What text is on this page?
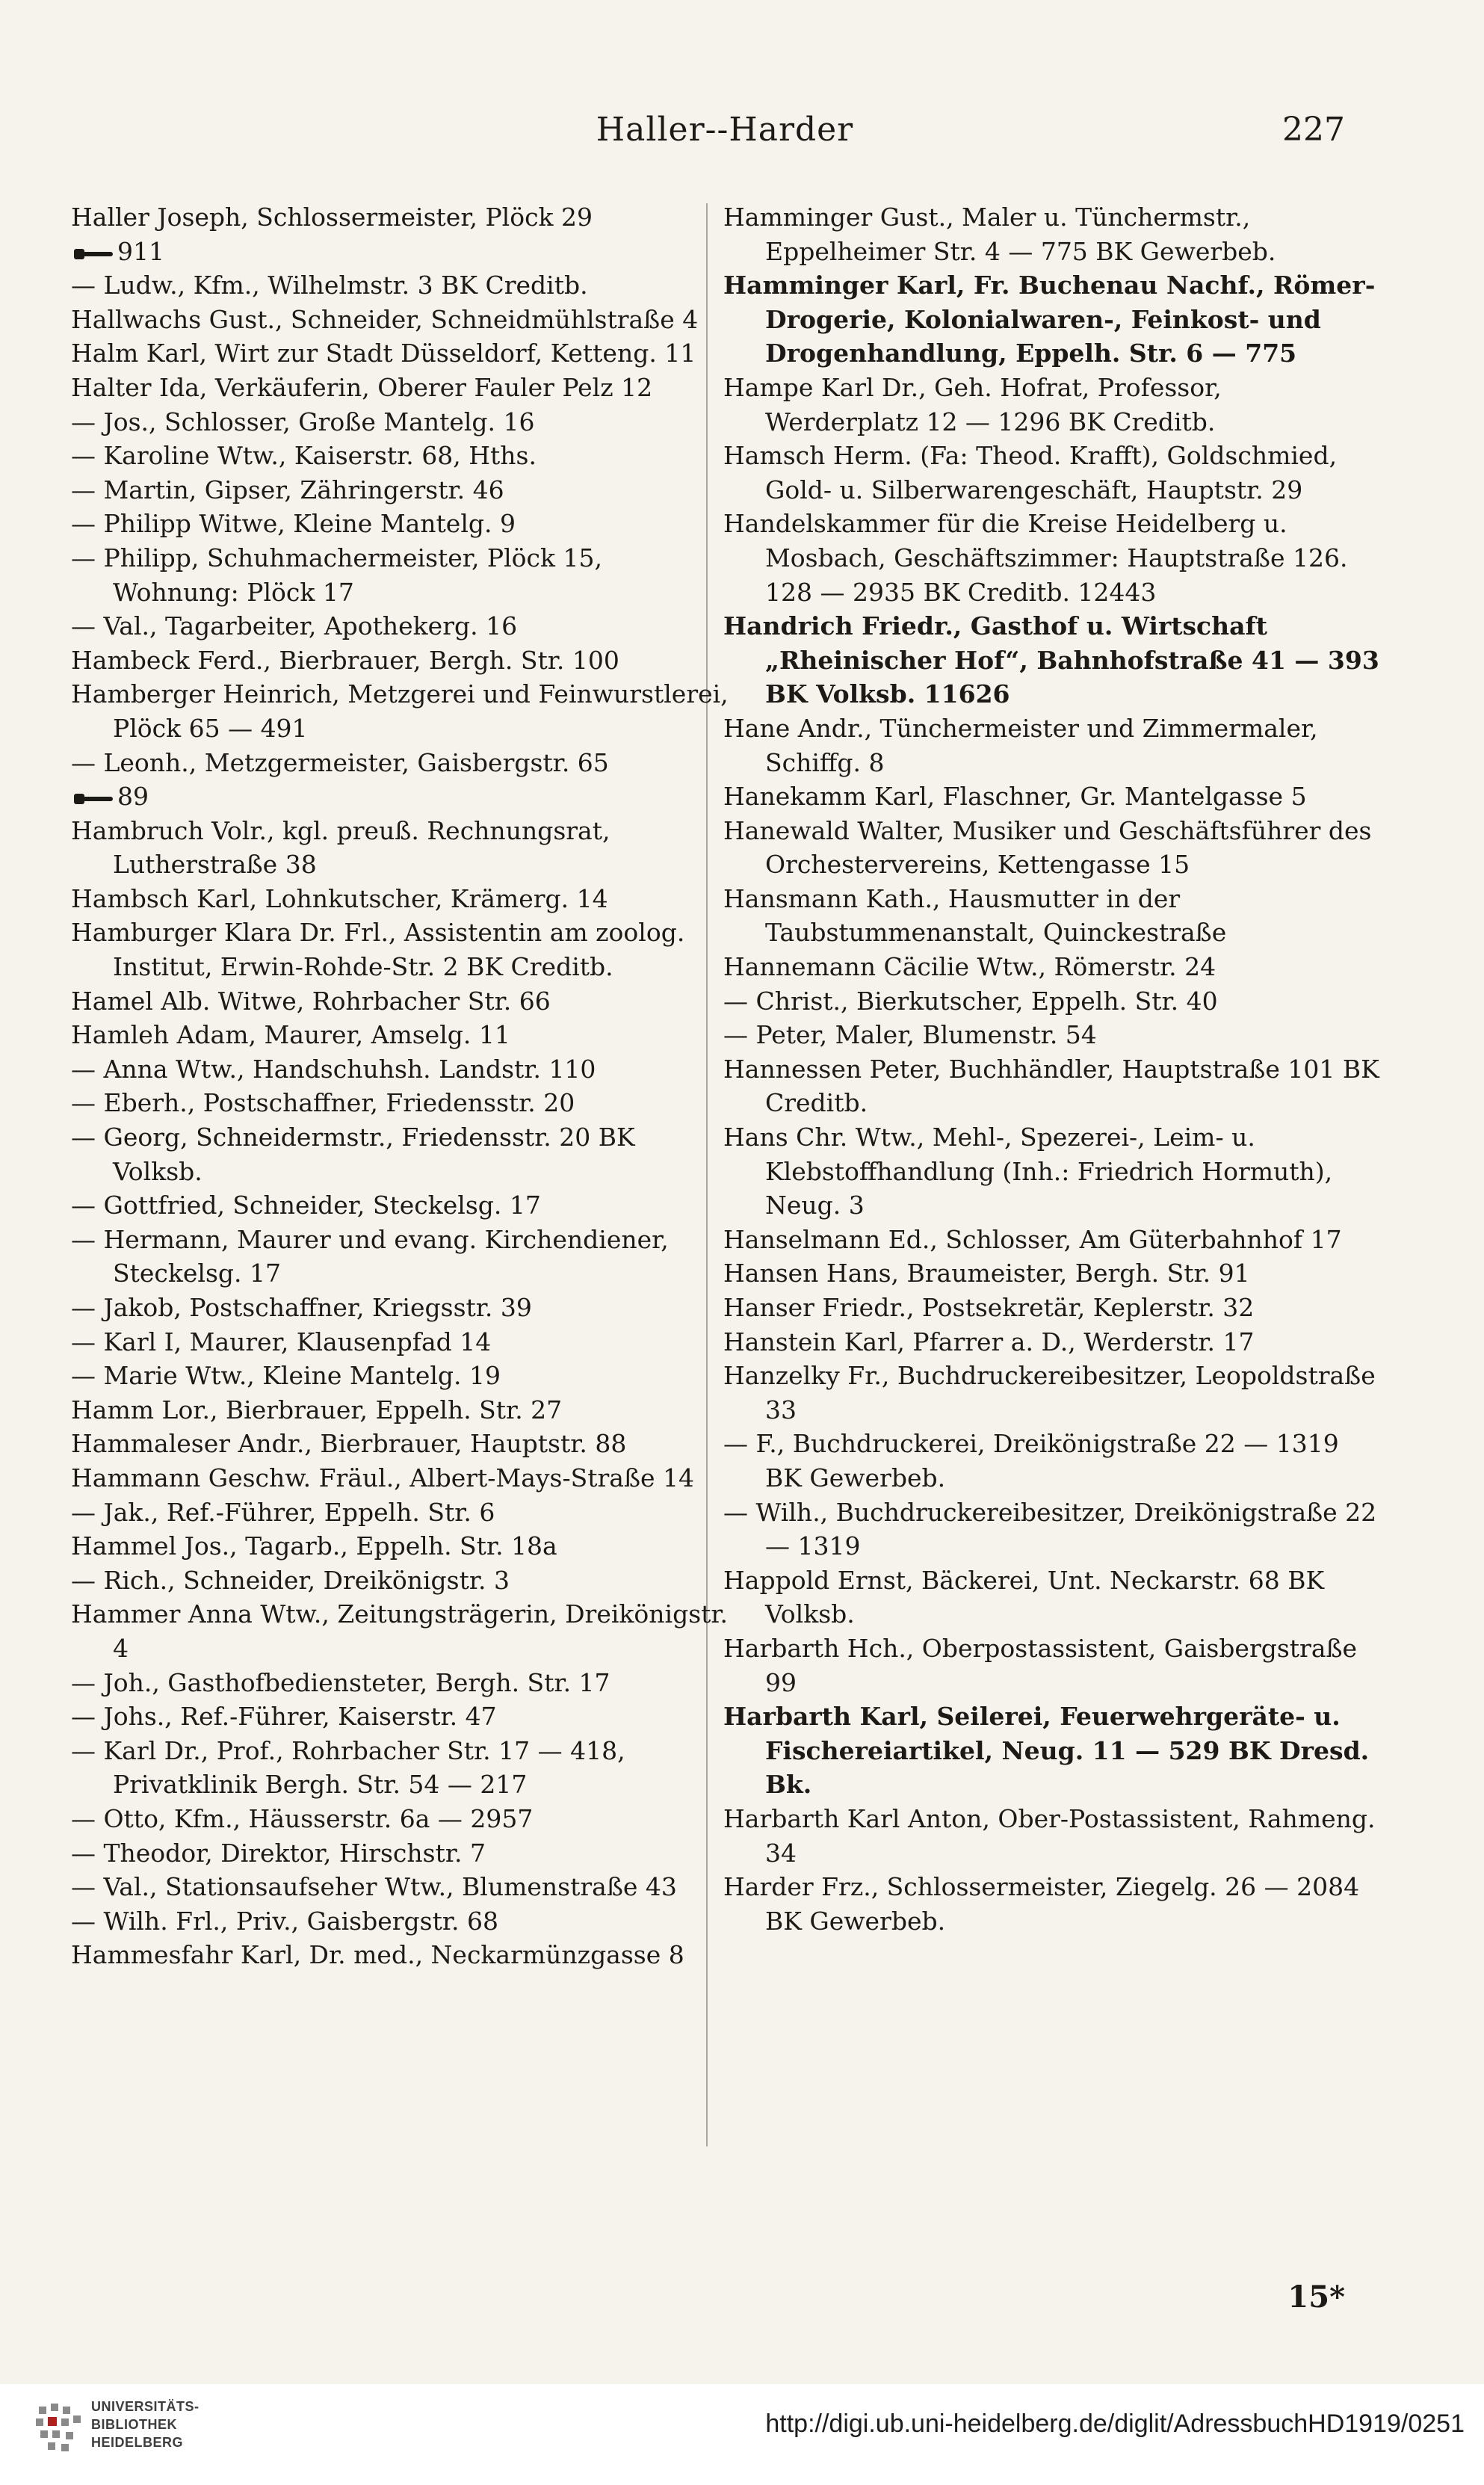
Haller--Harder	227

Haller Joseph, Schlossermeister, Plöck 29

911

— Ludw., Kfm., Wilhelmstr. 3 BK Creditb.

Hallwachs Gust., Schneider, Schneidmühlstraße 4

Halm Karl, Wirt zur Stadt Düsseldorf, Ketteng. 11

Halter Ida, Verkäuferin, Oberer Fauler Pelz 12

— Jos., Schlosser, Große Mantelg. 16

— Karoline Wtw., Kaiserstr. 68, Hths.

— Martin, Gipser, Zähringerstr. 46

— Philipp Witwe, Kleine Mantelg. 9

— Philipp, Schuhmachermeister, Plöck 15, Wohnung: Plöck 17

— Val., Tagarbeiter, Apothekerg. 16

Hambeck Ferd., Bierbrauer, Bergh. Str. 100

Hamberger Heinrich, Metzgerei und Feinwurstlerei, Plöck 65 — 491

— Leonh., Metzgermeister, Gaisbergstr. 65

89

Hambruch Volr., kgl. preuß. Rechnungsrat, Lutherstraße 38

Hambsch Karl, Lohnkutscher, Krämerg. 14

Hamburger Klara Dr. Frl., Assistentin am zoolog. Institut, Erwin-Rohde-Str. 2 BK Creditb.

Hamel Alb. Witwe, Rohrbacher Str. 66

Hamleh Adam, Maurer, Amselg. 11

— Anna Wtw., Handschuhsh. Landstr. 110

— Eberh., Postschaffner, Friedensstr. 20

— Georg, Schneidermstr., Friedensstr. 20 BK Volksb.

— Gottfried, Schneider, Steckelsg. 17

— Hermann, Maurer und evang. Kirchendiener, Steckelsg. 17

— Jakob, Postschaffner, Kriegsstr. 39

— Karl I, Maurer, Klausenpfad 14

— Marie Wtw., Kleine Mantelg. 19

Hamm Lor., Bierbrauer, Eppelh. Str. 27

Hammaleser Andr., Bierbrauer, Hauptstr. 88

Hammann Geschw. Fräul., Albert-Mays-Straße 14

— Jak., Ref.-Führer, Eppelh. Str. 6

Hammel Jos., Tagarb., Eppelh. Str. 18a

— Rich., Schneider, Dreikönigstr. 3

Hammer Anna Wtw., Zeitungsträgerin, Dreikönigstr. 4

— Joh., Gasthofbediensteter, Bergh. Str. 17

— Johs., Ref.-Führer, Kaiserstr. 47

— Karl Dr., Prof., Rohrbacher Str. 17 — 418, Privatklinik Bergh. Str. 54 — 217

— Otto, Kfm., Häusserstr. 6a — 2957

— Theodor, Direktor, Hirschstr. 7

— Val., Stationsaufseher Wtw., Blumenstraße 43

— Wilh. Frl., Priv., Gaisbergstr. 68

Hammesfahr Karl, Dr. med., Neckarmünzgasse 8

Hamminger Gust., Maler u. Tünchermstr., Eppelheimer Str. 4 — 775 BK Gewerbeb.

Hamminger Karl, Fr. Buchenau Nachf., Römer-Drogerie, Kolonialwaren-, Feinkost- und Drogenhandlung, Eppelh. Str. 6 — 775

Hampe Karl Dr., Geh. Hofrat, Professor, Werderplatz 12 — 1296 BK Creditb.

Hamsch Herm. (Fa: Theod. Krafft), Goldschmied, Gold- u. Silberwarengeschäft, Hauptstr. 29

Handelskammer für die Kreise Heidelberg u. Mosbach, Geschäftszimmer: Hauptstraße 126. 128 — 2935 BK Creditb. 12443

Handrich Friedr., Gasthof u. Wirtschaft „Rheinischer Hof“, Bahnhofstraße 41 — 393 BK Volksb. 11626

Hane Andr., Tünchermeister und Zimmermaler, Schiffg. 8

Hanekamm Karl, Flaschner, Gr. Mantelgasse 5

Hanewald Walter, Musiker und Geschäftsführer des Orchestervereins, Kettengasse 15

Hansmann Kath., Hausmutter in der Taubstummenanstalt, Quinckestraße

Hannemann Cäcilie Wtw., Römerstr. 24

— Christ., Bierkutscher, Eppelh. Str. 40

— Peter, Maler, Blumenstr. 54

Hannessen Peter, Buchhändler, Hauptstraße 101 BK Creditb.

Hans Chr. Wtw., Mehl-, Spezerei-, Leim- u. Klebstoffhandlung (Inh.: Friedrich Hormuth), Neug. 3

Hanselmann Ed., Schlosser, Am Güterbahnhof 17

Hansen Hans, Braumeister, Bergh. Str. 91

Hanser Friedr., Postsekretär, Keplerstr. 32

Hanstein Karl, Pfarrer a. D., Werderstr. 17

Hanzelky Fr., Buchdruckereibesitzer, Leopoldstraße 33

— F., Buchdruckerei, Dreikönigstraße 22 — 1319 BK Gewerbeb.

— Wilh., Buchdruckereibesitzer, Dreikönigstraße 22 — 1319

Happold Ernst, Bäckerei, Unt. Neckarstr. 68 BK Volksb.

Harbarth Hch., Oberpostassistent, Gaisbergstraße 99

Harbarth Karl, Seilerei, Feuerwehrgeräte- u. Fischereiartikel, Neug. 11 — 529 BK Dresd. Bk.

Harbarth Karl Anton, Ober-Postassistent, Rahmeng. 34

Harder Frz., Schlossermeister, Ziegelg. 26 — 2084 BK Gewerbeb.

15*
UNIVERSITÄTS-
BIBLIOTHEK
HEIDELBERG
http://digi.ub.uni-heidelberg.de/diglit/AdressbuchHD1919/0251
